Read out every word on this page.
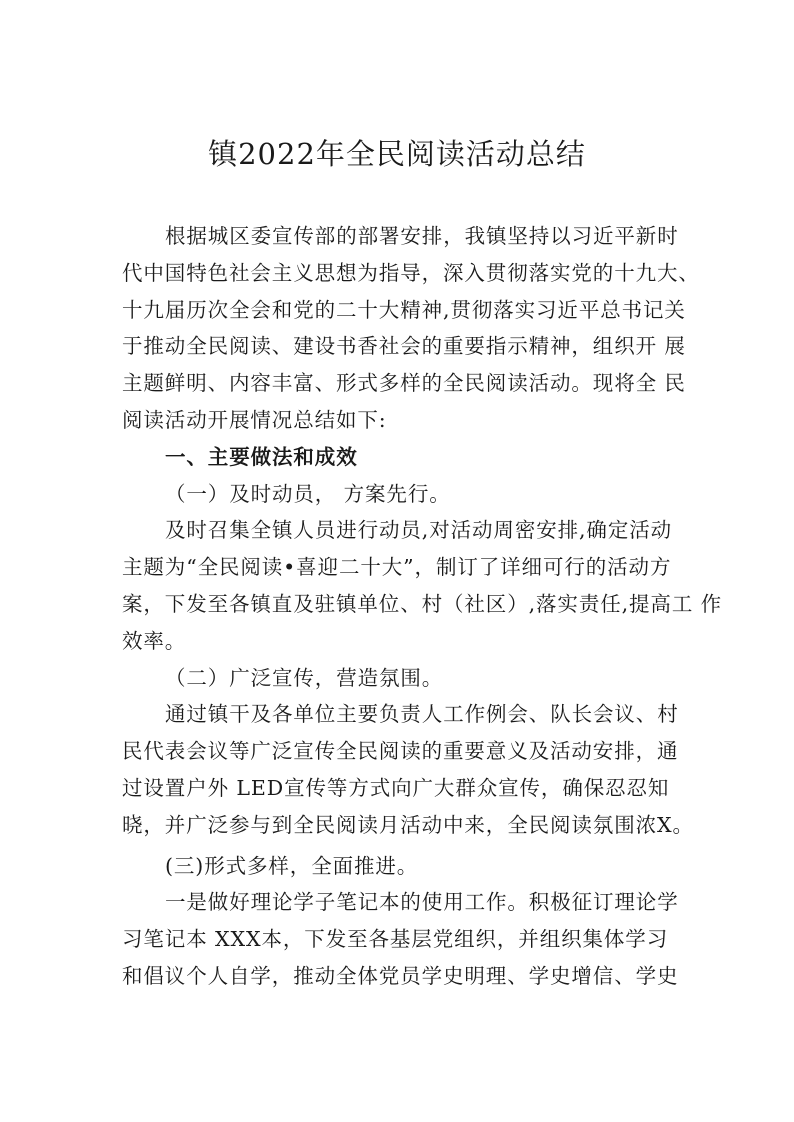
镇2022年全民阅读活动总结
根据城区委宣传部的部署安排，我镇坚持以习近平新时
代中国特色社会主义思想为指导，深入贯彻落实党的十九大、
十九届历次全会和党的二十大精神,贯彻落实习近平总书记关
于推动全民阅读、建设书香社会的重要指示精神，组织开 展
主题鲜明、内容丰富、形式多样的全民阅读活动。现将全 民
阅读活动开展情况总结如下:
一、主要做法和成效
（一）及时动员， 方案先行。
及时召集全镇人员进行动员,对活动周密安排,确定活动
主题为“全民阅读•喜迎二十大”，制订了详细可行的活动方
案，下发至各镇直及驻镇单位、村（社区）,落实责任,提高工 作
效率。
（二）广泛宣传，营造氛围。
通过镇干及各单位主要负责人工作例会、队长会议、村
民代表会议等广泛宣传全民阅读的重要意义及活动安排，通
过设置户外 LED宣传等方式向广大群众宣传，确保忍忍知
晓，并广泛参与到全民阅读月活动中来，全民阅读氛围浓X。
(三)形式多样，全面推进。
一是做好理论学子笔记本的使用工作。积极征订理论学
习笔记本 XXX本，下发至各基层党组织，并组织集体学习
和倡议个人自学，推动全体党员学史明理、学史增信、学史
